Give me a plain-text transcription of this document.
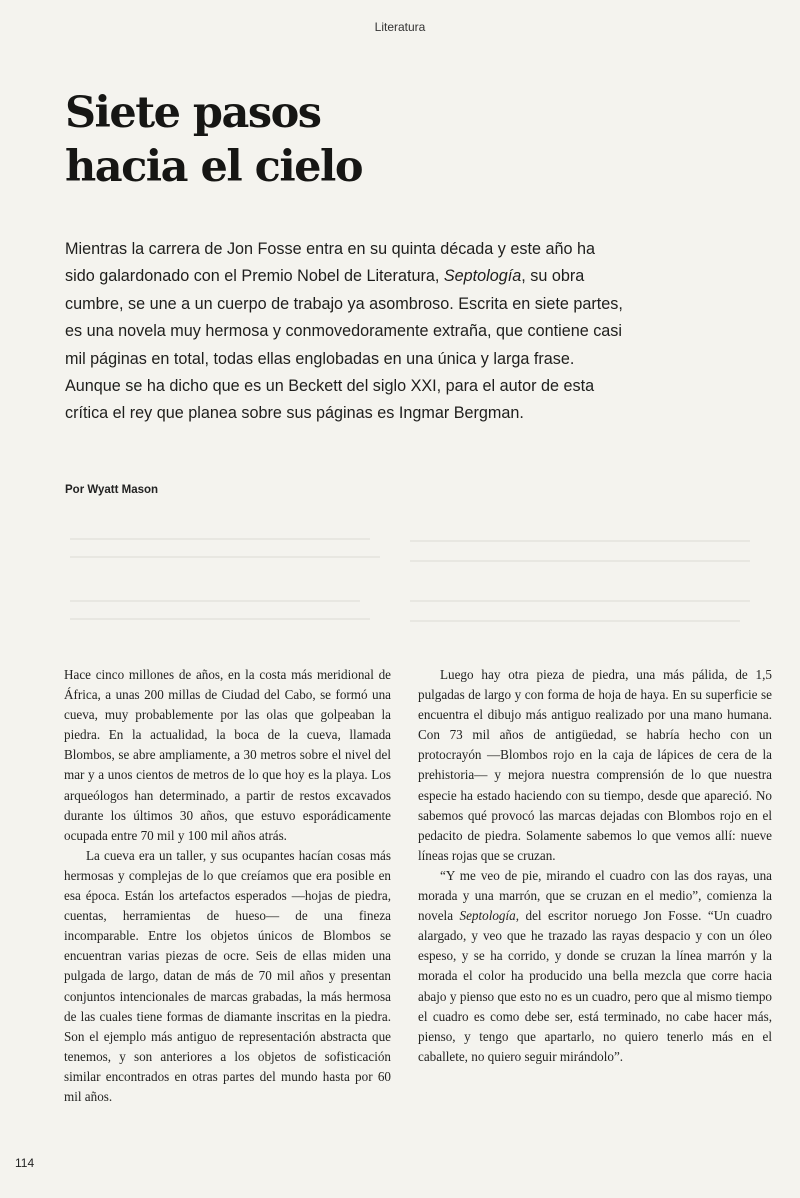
Literatura
Siete pasos
hacia el cielo

Mientras la carrera de Jon Fosse entra en su quinta década y este año ha sido galardonado con el Premio Nobel de Literatura, Septología, su obra cumbre, se une a un cuerpo de trabajo ya asombroso. Escrita en siete partes, es una novela muy hermosa y conmovedoramente extraña, que contiene casi mil páginas en total, todas ellas englobadas en una única y larga frase. Aunque se ha dicho que es un Beckett del siglo XXI, para el autor de esta crítica el rey que planea sobre sus páginas es Ingmar Bergman.

Por Wyatt Mason

Hace cinco millones de años, en la costa más meridional de África, a unas 200 millas de Ciudad del Cabo, se formó una cueva, muy probablemente por las olas que golpeaban la piedra. En la actualidad, la boca de la cueva, llamada Blombos, se abre ampliamente, a 30 metros sobre el nivel del mar y a unos cientos de metros de lo que hoy es la playa. Los arqueólogos han determinado, a partir de restos excavados durante los últimos 30 años, que estuvo esporádicamente ocupada entre 70 mil y 100 mil años atrás.

La cueva era un taller, y sus ocupantes hacían cosas más hermosas y complejas de lo que creíamos que era posible en esa época. Están los artefactos esperados —hojas de piedra, cuentas, herramientas de hueso— de una fineza incomparable. Entre los objetos únicos de Blombos se encuentran varias piezas de ocre. Seis de ellas miden una pulgada de largo, datan de más de 70 mil años y presentan conjuntos intencionales de marcas grabadas, la más hermosa de las cuales tiene formas de diamante inscritas en la piedra. Son el ejemplo más antiguo de representación abstracta que tenemos, y son anteriores a los objetos de sofisticación similar encontrados en otras partes del mundo hasta por 60 mil años.

Luego hay otra pieza de piedra, una más pálida, de 1,5 pulgadas de largo y con forma de hoja de haya. En su superficie se encuentra el dibujo más antiguo realizado por una mano humana. Con 73 mil años de antigüedad, se habría hecho con un protocrayón —Blombos rojo en la caja de lápices de cera de la prehistoria— y mejora nuestra comprensión de lo que nuestra especie ha estado haciendo con su tiempo, desde que apareció. No sabemos qué provocó las marcas dejadas con Blombos rojo en el pedacito de piedra. Solamente sabemos lo que vemos allí: nueve líneas rojas que se cruzan.

“Y me veo de pie, mirando el cuadro con las dos rayas, una morada y una marrón, que se cruzan en el medio”, comienza la novela Septología, del escritor noruego Jon Fosse. “Un cuadro alargado, y veo que he trazado las rayas despacio y con un óleo espeso, y se ha corrido, y donde se cruzan la línea marrón y la morada el color ha producido una bella mezcla que corre hacia abajo y pienso que esto no es un cuadro, pero que al mismo tiempo el cuadro es como debe ser, está terminado, no cabe hacer más, pienso, y tengo que apartarlo, no quiero tenerlo más en el caballete, no quiero seguir mirándolo”.

114
